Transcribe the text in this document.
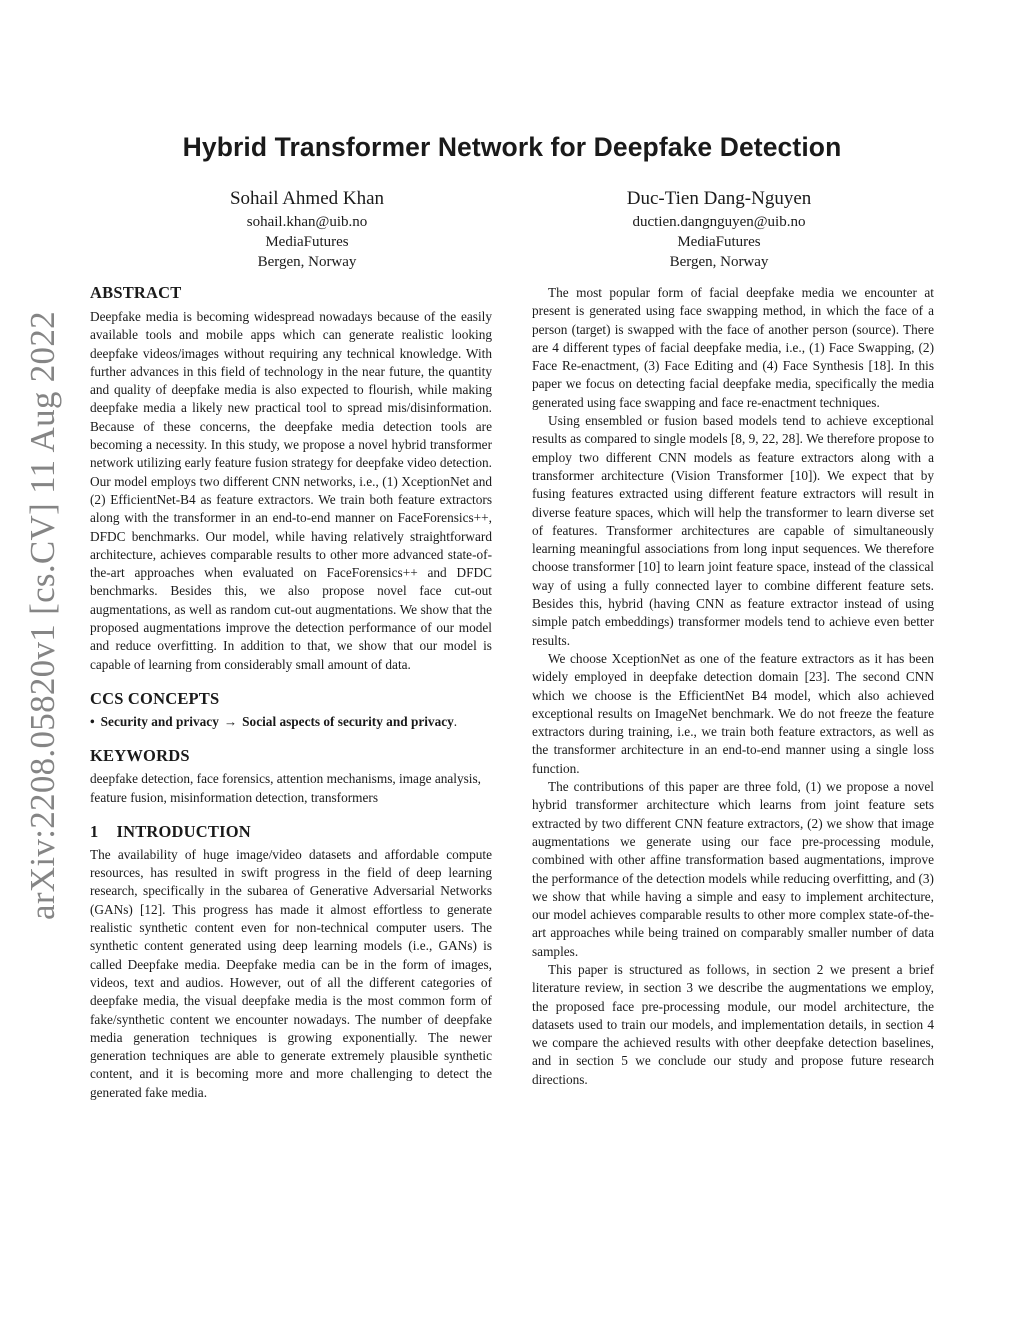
arXiv:2208.05820v1 [cs.CV] 11 Aug 2022
Hybrid Transformer Network for Deepfake Detection
Sohail Ahmed Khan
sohail.khan@uib.no
MediaFutures
Bergen, Norway
Duc-Tien Dang-Nguyen
ductien.dangnguyen@uib.no
MediaFutures
Bergen, Norway
ABSTRACT

Deepfake media is becoming widespread nowadays because of the easily available tools and mobile apps which can generate realistic looking deepfake videos/images without requiring any technical knowledge. With further advances in this field of technology in the near future, the quantity and quality of deepfake media is also expected to flourish, while making deepfake media a likely new practical tool to spread mis/disinformation. Because of these concerns, the deepfake media detection tools are becoming a necessity. In this study, we propose a novel hybrid transformer network utilizing early feature fusion strategy for deepfake video detection. Our model employs two different CNN networks, i.e., (1) XceptionNet and (2) EfficientNet-B4 as feature extractors. We train both feature extractors along with the transformer in an end-to-end manner on FaceForensics++, DFDC benchmarks. Our model, while having relatively straightforward architecture, achieves comparable results to other more advanced state-of-the-art approaches when evaluated on FaceForensics++ and DFDC benchmarks. Besides this, we also propose novel face cut-out augmentations, as well as random cut-out augmentations. We show that the proposed augmentations improve the detection performance of our model and reduce overfitting. In addition to that, we show that our model is capable of learning from considerably small amount of data.

CCS CONCEPTS

• Security and privacy → Social aspects of security and privacy.

KEYWORDS

deepfake detection, face forensics, attention mechanisms, image analysis, feature fusion, misinformation detection, transformers

1 INTRODUCTION

The availability of huge image/video datasets and affordable compute resources, has resulted in swift progress in the field of deep learning research, specifically in the subarea of Generative Adversarial Networks (GANs) [12]. This progress has made it almost effortless to generate realistic synthetic content even for non-technical computer users. The synthetic content generated using deep learning models (i.e., GANs) is called Deepfake media. Deepfake media can be in the form of images, videos, text and audios. However, out of all the different categories of deepfake media, the visual deepfake media is the most common form of fake/synthetic content we encounter nowadays. The number of deepfake media generation techniques is growing exponentially. The newer generation techniques are able to generate extremely plausible synthetic content, and it is becoming more and more challenging to detect the generated fake media.

The most popular form of facial deepfake media we encounter at present is generated using face swapping method, in which the face of a person (target) is swapped with the face of another person (source). There are 4 different types of facial deepfake media, i.e., (1) Face Swapping, (2) Face Re-enactment, (3) Face Editing and (4) Face Synthesis [18]. In this paper we focus on detecting facial deepfake media, specifically the media generated using face swapping and face re-enactment techniques.

Using ensembled or fusion based models tend to achieve exceptional results as compared to single models [8, 9, 22, 28]. We therefore propose to employ two different CNN models as feature extractors along with a transformer architecture (Vision Transformer [10]). We expect that by fusing features extracted using different feature extractors will result in diverse feature spaces, which will help the transformer to learn diverse set of features. Transformer architectures are capable of simultaneously learning meaningful associations from long input sequences. We therefore choose transformer [10] to learn joint feature space, instead of the classical way of using a fully connected layer to combine different feature sets. Besides this, hybrid (having CNN as feature extractor instead of using simple patch embeddings) transformer models tend to achieve even better results.

We choose XceptionNet as one of the feature extractors as it has been widely employed in deepfake detection domain [23]. The second CNN which we choose is the EfficientNet B4 model, which also achieved exceptional results on ImageNet benchmark. We do not freeze the feature extractors during training, i.e., we train both feature extractors, as well as the transformer architecture in an end-to-end manner using a single loss function.

The contributions of this paper are three fold, (1) we propose a novel hybrid transformer architecture which learns from joint feature sets extracted by two different CNN feature extractors, (2) we show that image augmentations we generate using our face pre-processing module, combined with other affine transformation based augmentations, improve the performance of the detection models while reducing overfitting, and (3) we show that while having a simple and easy to implement architecture, our model achieves comparable results to other more complex state-of-the-art approaches while being trained on comparably smaller number of data samples.

This paper is structured as follows, in section 2 we present a brief literature review, in section 3 we describe the augmentations we employ, the proposed face pre-processing module, our model architecture, the datasets used to train our models, and implementation details, in section 4 we compare the achieved results with other deepfake detection baselines, and in section 5 we conclude our study and propose future research directions.
